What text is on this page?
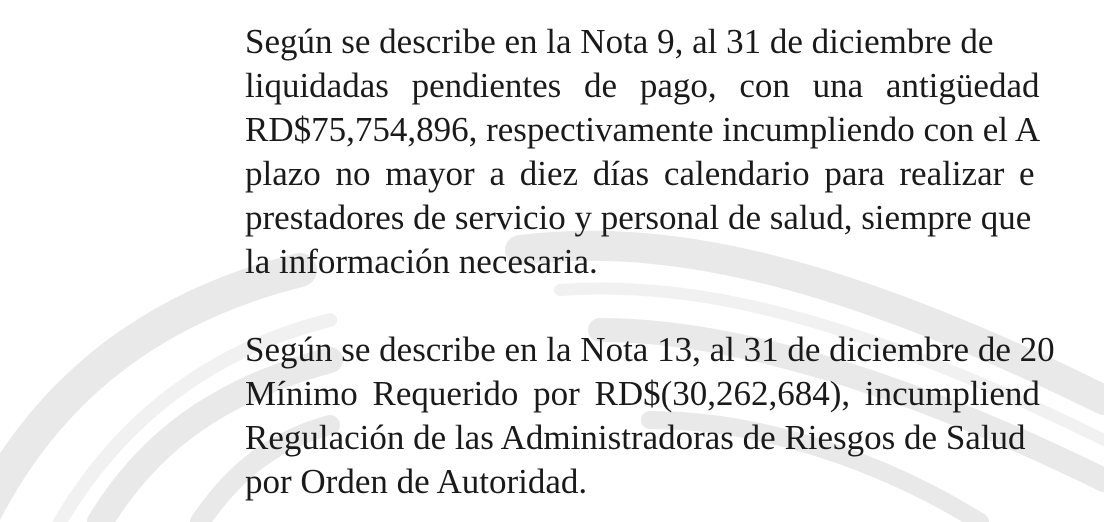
Según se describe en la Nota 9, al 31 de diciembre de
liquidadas pendientes de pago, con una antigüedad
RD$75,754,896, respectivamente incumpliendo con el A
plazo no mayor a diez días calendario para realizar e
prestadores de servicio y personal de salud, siempre que
la información necesaria.
Según se describe en la Nota 13, al 31 de diciembre de 20
Mínimo Requerido por RD$(30,262,684), incumpliend
Regulación de las Administradoras de Riesgos de Salud
por Orden de Autoridad.
